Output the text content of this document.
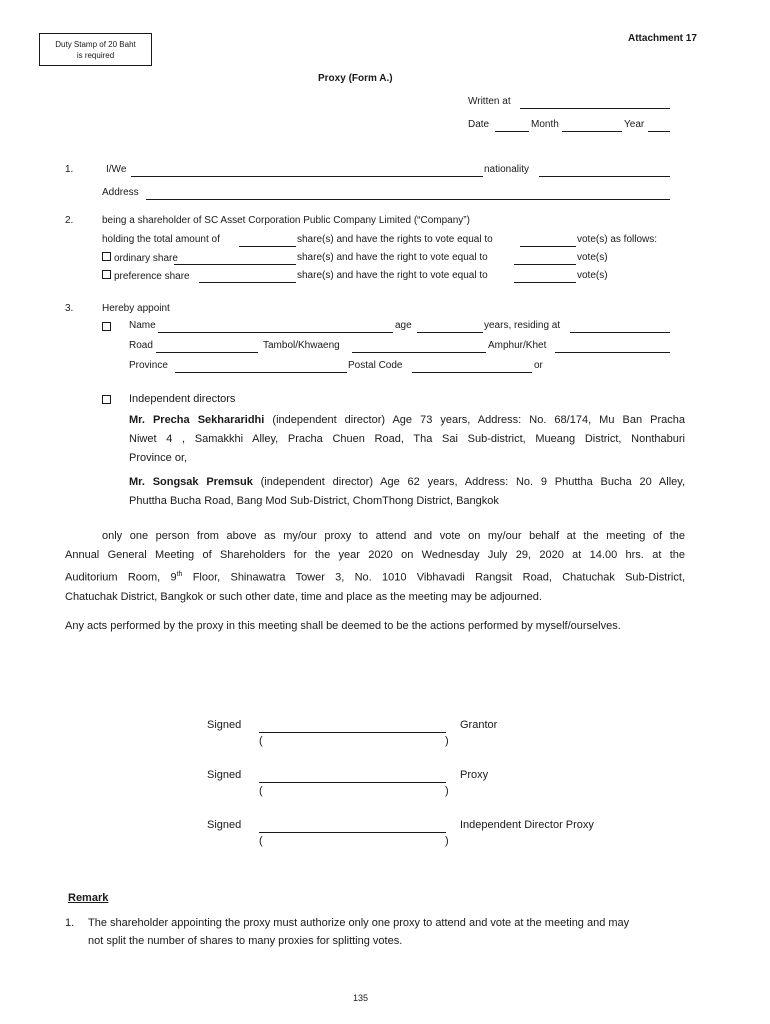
Duty Stamp of 20 Baht
is required
Attachment 17
Proxy (Form A.)
Written at
Date	Month	Year
1.	I/We	nationality
Address
2.	being a shareholder of SC Asset Corporation Public Company Limited (“Company”)
holding the total amount of	share(s) and have the rights to vote equal to	vote(s) as follows:
ordinary share	share(s) and have the right to vote equal to	vote(s)
preference share	share(s) and have the right to vote equal to	vote(s)
3.	Hereby appoint
Name	age	years, residing at
Road	Tambol/Khwaeng	Amphur/Khet
Province	Postal Code	or
Independent directors
Mr. Precha Sekhararidhi (independent director) Age 73 years, Address: No. 68/174, Mu Ban Pracha
Niwet 4 , Samakkhi Alley, Pracha Chuen Road, Tha Sai Sub-district, Mueang District, Nonthaburi
Province or,
Mr. Songsak Premsuk (independent director) Age 62 years, Address: No. 9 Phuttha Bucha 20 Alley,
Phuttha Bucha Road, Bang Mod Sub-District, ChomThong District, Bangkok
only one person from above as my/our proxy to attend and vote on my/our behalf at the meeting of the
Annual General Meeting of Shareholders for the year 2020 on Wednesday July 29, 2020 at 14.00 hrs. at the
Auditorium Room, 9th Floor, Shinawatra Tower 3, No. 1010 Vibhavadi Rangsit Road, Chatuchak Sub-District,
Chatuchak District, Bangkok or such other date, time and place as the meeting may be adjourned.
Any acts performed by the proxy in this meeting shall be deemed to be the actions performed by myself/ourselves.
Signed	Grantor
(	)
Signed	Proxy
(	)
Signed	Independent Director Proxy
(	)
Remark
1. The shareholder appointing the proxy must authorize only one proxy to attend and vote at the meeting and may
not split the number of shares to many proxies for splitting votes.
135
